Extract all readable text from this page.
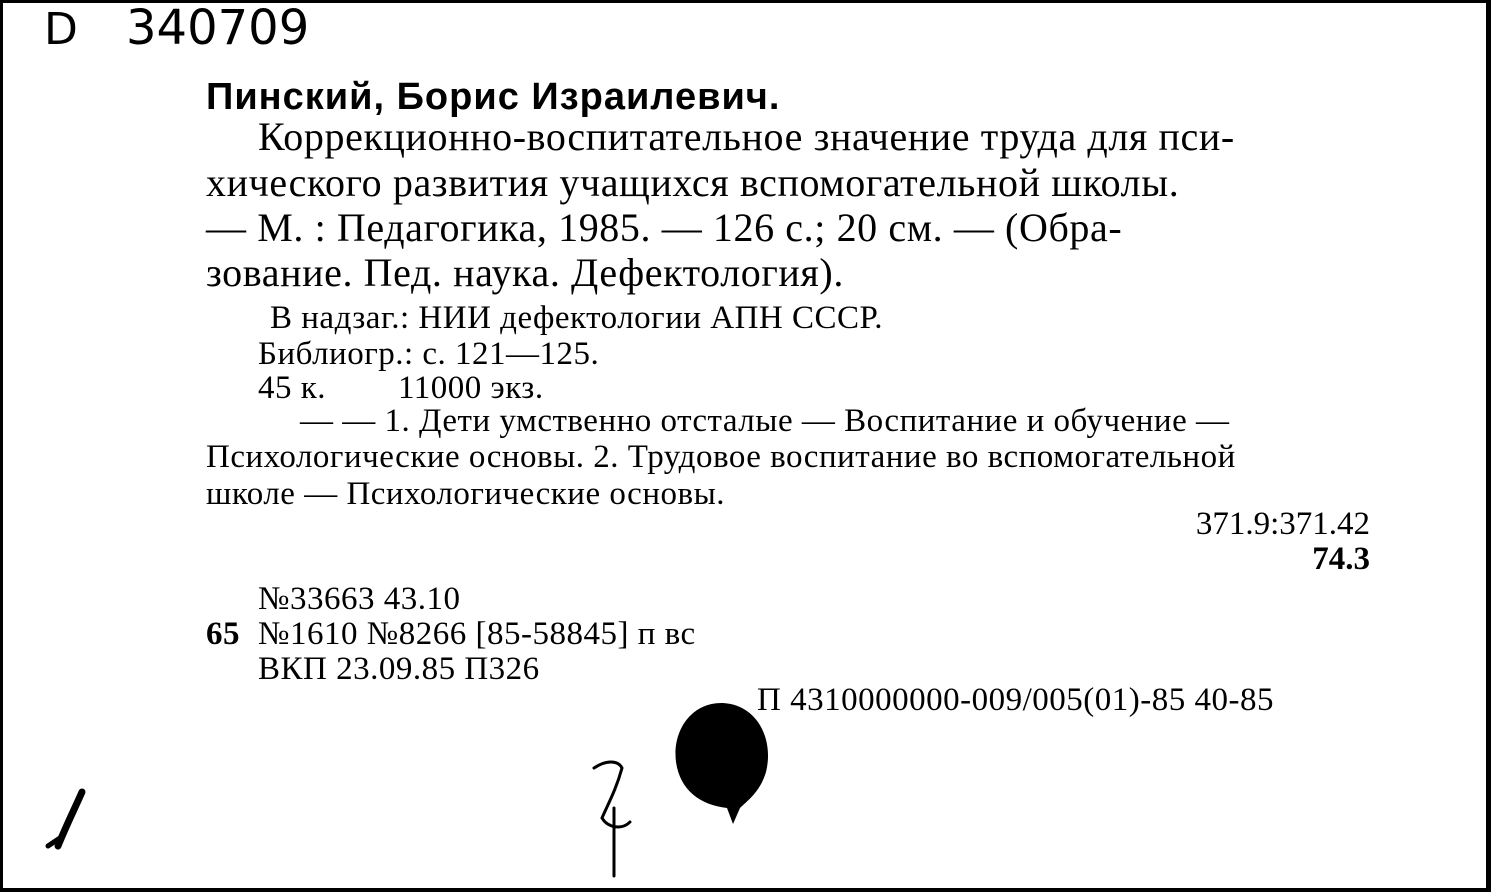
D 340709
Пинский, Борис Израилевич.
Коррекционно-воспитательное значение труда для пси-
хического развития учащихся вспомогательной школы.
— М. : Педагогика, 1985. — 126 с.; 20 см. — (Обра-
зование. Пед. наука. Дефектология).
В надзаг.: НИИ дефектологии АПН СССР.
Библиогр.: с. 121—125.
45 к. 11000 экз.
— — 1. Дети умственно отсталые — Воспитание и обучение —
Психологические основы. 2. Трудовое воспитание во вспомогательной
школе — Психологические основы.
371.9:371.42
74.3
№33663 43.10
65 №1610 №8266 [85-58845] п вс
ВКП 23.09.85 П326
П 4310000000-009/005(01)-85 40-85
